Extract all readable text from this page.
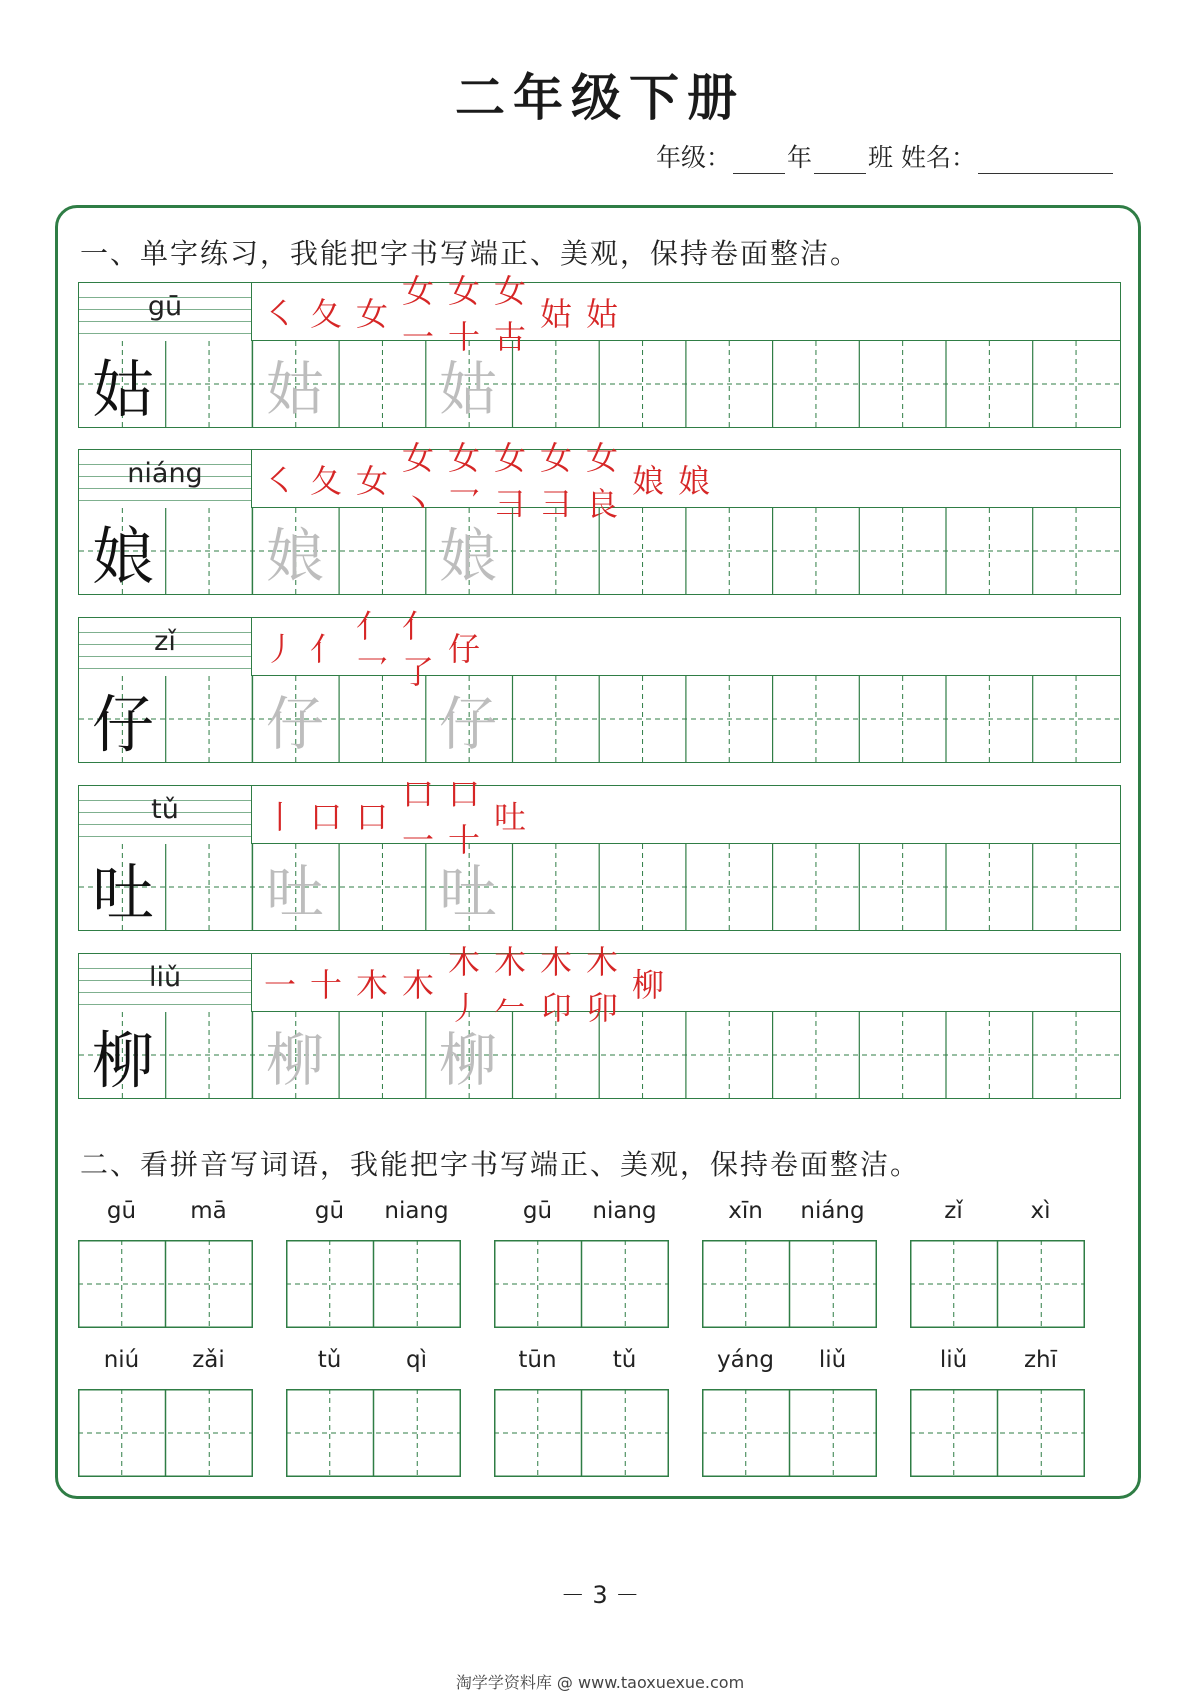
二年级下册
年级： 年 班 姓名：
一、单字练习，我能把字书写端正、美观，保持卷面整洁。
gū	㇛ 夂 女
女一
女十
女古
姑 姑
姑 姑 姑
niáng	㇛ 夂 女
女丶
女乛
女彐
女彐
女良
娘 娘
娘 娘 娘
zǐ	丿 亻
亻乛
亻了
仔
仔 仔 仔
tǔ	丨 口 口
口一
口十
吐
吐 吐 吐
liǔ	一 十 木 木
木丿
木𠂉
木卬
木卯
柳
柳 柳 柳
二、看拼音写词语，我能把字书写端正、美观，保持卷面整洁。
gū	mā	gū	niang	gū	niang	xīn	niáng	zǐ	xì
niú	zǎi	tǔ	qì	tūn	tǔ	yáng	liǔ	liǔ	zhī
－ 3 －
淘学学资料库 @ www.taoxuexue.com
